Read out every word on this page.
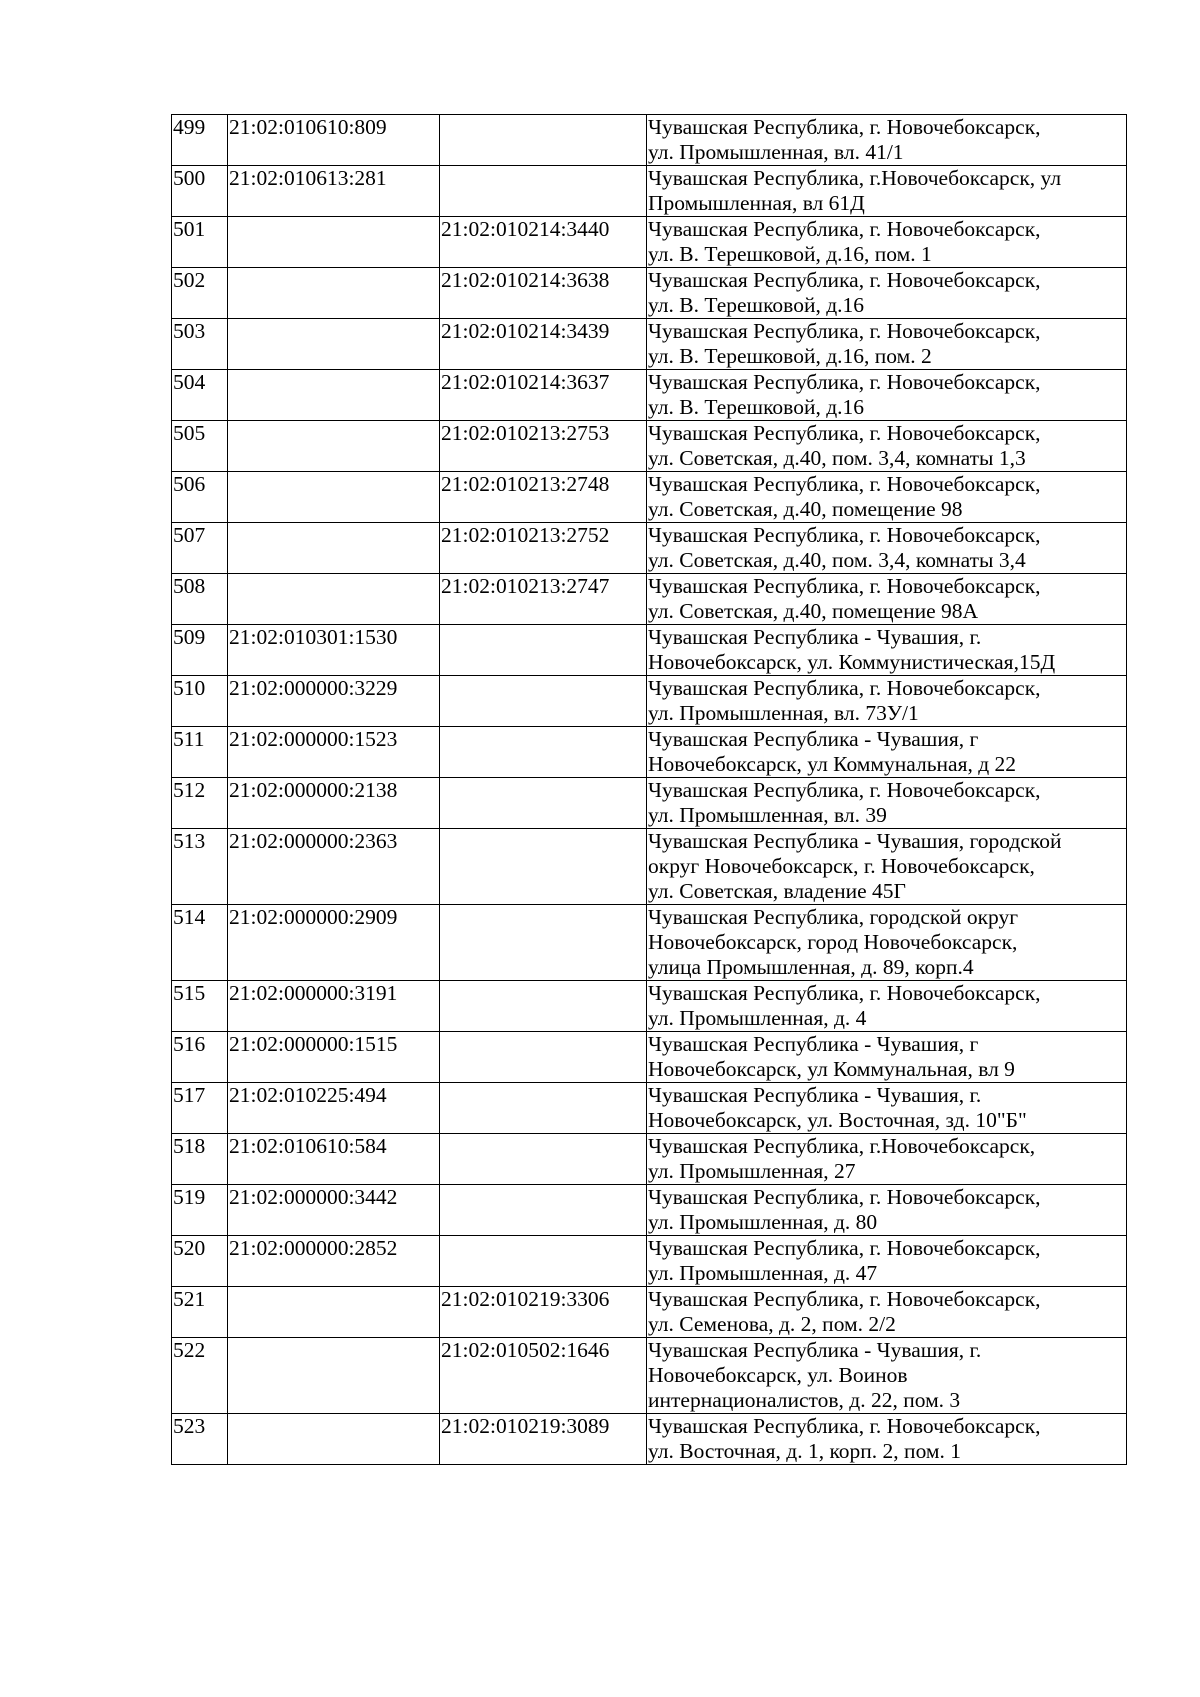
499	21:02:010610:809		Чувашская Республика, г. Новочебоксарск,
ул. Промышленная, вл. 41/1
500	21:02:010613:281		Чувашская Республика, г.Новочебоксарск, ул
Промышленная, вл 61Д
501		21:02:010214:3440	Чувашская Республика, г. Новочебоксарск,
ул. В. Терешковой, д.16, пом. 1
502		21:02:010214:3638	Чувашская Республика, г. Новочебоксарск,
ул. В. Терешковой, д.16
503		21:02:010214:3439	Чувашская Республика, г. Новочебоксарск,
ул. В. Терешковой, д.16, пом. 2
504		21:02:010214:3637	Чувашская Республика, г. Новочебоксарск,
ул. В. Терешковой, д.16
505		21:02:010213:2753	Чувашская Республика, г. Новочебоксарск,
ул. Советская, д.40, пом. 3,4, комнаты 1,3
506		21:02:010213:2748	Чувашская Республика, г. Новочебоксарск,
ул. Советская, д.40, помещение 98
507		21:02:010213:2752	Чувашская Республика, г. Новочебоксарск,
ул. Советская, д.40, пом. 3,4, комнаты 3,4
508		21:02:010213:2747	Чувашская Республика, г. Новочебоксарск,
ул. Советская, д.40, помещение 98А
509	21:02:010301:1530		Чувашская Республика - Чувашия, г.
Новочебоксарск, ул. Коммунистическая,15Д
510	21:02:000000:3229		Чувашская Республика, г. Новочебоксарск,
ул. Промышленная, вл. 73У/1
511	21:02:000000:1523		Чувашская Республика - Чувашия, г
Новочебоксарск, ул Коммунальная, д 22
512	21:02:000000:2138		Чувашская Республика, г. Новочебоксарск,
ул. Промышленная, вл. 39
513	21:02:000000:2363		Чувашская Республика - Чувашия, городской
округ Новочебоксарск, г. Новочебоксарск,
ул. Советская, владение 45Г
514	21:02:000000:2909		Чувашская Республика, городской округ
Новочебоксарск, город Новочебоксарск,
улица Промышленная, д. 89, корп.4
515	21:02:000000:3191		Чувашская Республика, г. Новочебоксарск,
ул. Промышленная, д. 4
516	21:02:000000:1515		Чувашская Республика - Чувашия, г
Новочебоксарск, ул Коммунальная, вл 9
517	21:02:010225:494		Чувашская Республика - Чувашия, г.
Новочебоксарск, ул. Восточная, зд. 10"Б"
518	21:02:010610:584		Чувашская Республика, г.Новочебоксарск,
ул. Промышленная, 27
519	21:02:000000:3442		Чувашская Республика, г. Новочебоксарск,
ул. Промышленная, д. 80
520	21:02:000000:2852		Чувашская Республика, г. Новочебоксарск,
ул. Промышленная, д. 47
521		21:02:010219:3306	Чувашская Республика, г. Новочебоксарск,
ул. Семенова, д. 2, пом. 2/2
522		21:02:010502:1646	Чувашская Республика - Чувашия, г.
Новочебоксарск, ул. Воинов
интернационалистов, д. 22, пом. 3
523		21:02:010219:3089	Чувашская Республика, г. Новочебоксарск,
ул. Восточная, д. 1, корп. 2, пом. 1
